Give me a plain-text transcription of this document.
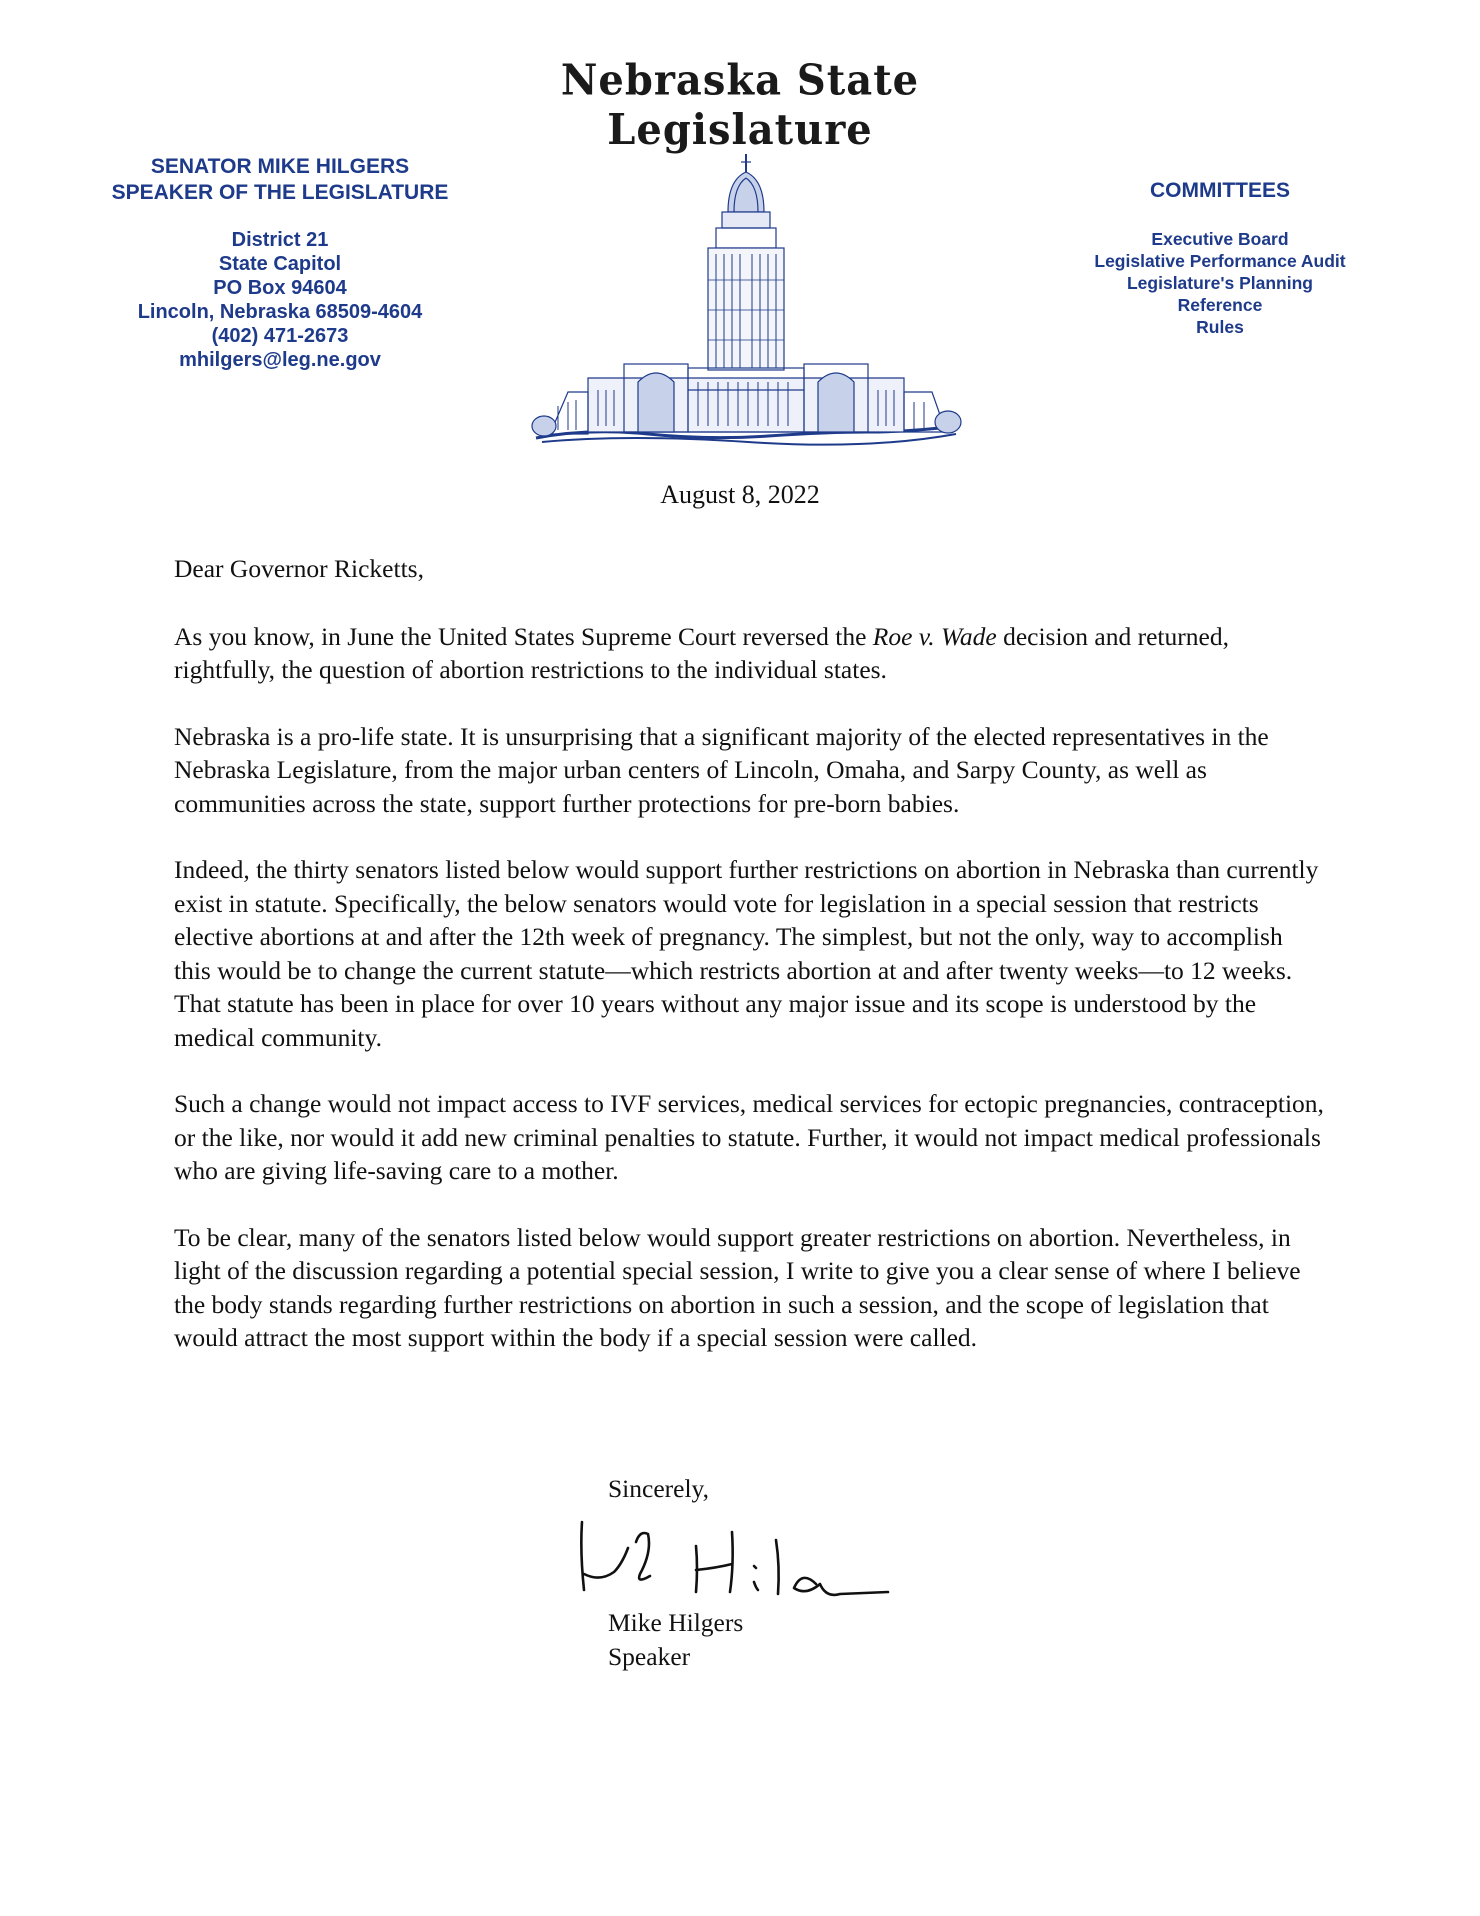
Nebraska State Legislature
SENATOR MIKE HILGERS
SPEAKER OF THE LEGISLATURE
District 21
State Capitol
PO Box 94604
Lincoln, Nebraska 68509-4604
(402) 471-2673
mhilgers@leg.ne.gov
COMMITTEES
Executive Board
Legislative Performance Audit
Legislature's Planning
Reference
Rules
August 8, 2022

Dear Governor Ricketts,

As you know, in June the United States Supreme Court reversed the Roe v. Wade decision and returned, rightfully, the question of abortion restrictions to the individual states.

Nebraska is a pro-life state. It is unsurprising that a significant majority of the elected representatives in the Nebraska Legislature, from the major urban centers of Lincoln, Omaha, and Sarpy County, as well as communities across the state, support further protections for pre-born babies.

Indeed, the thirty senators listed below would support further restrictions on abortion in Nebraska than currently exist in statute. Specifically, the below senators would vote for legislation in a special session that restricts elective abortions at and after the 12th week of pregnancy. The simplest, but not the only, way to accomplish this would be to change the current statute—which restricts abortion at and after twenty weeks—to 12 weeks. That statute has been in place for over 10 years without any major issue and its scope is understood by the medical community.

Such a change would not impact access to IVF services, medical services for ectopic pregnancies, contraception, or the like, nor would it add new criminal penalties to statute. Further, it would not impact medical professionals who are giving life-saving care to a mother.

To be clear, many of the senators listed below would support greater restrictions on abortion. Nevertheless, in light of the discussion regarding a potential special session, I write to give you a clear sense of where I believe the body stands regarding further restrictions on abortion in such a session, and the scope of legislation that would attract the most support within the body if a special session were called.

Sincerely,
Mike Hilgers
Speaker
